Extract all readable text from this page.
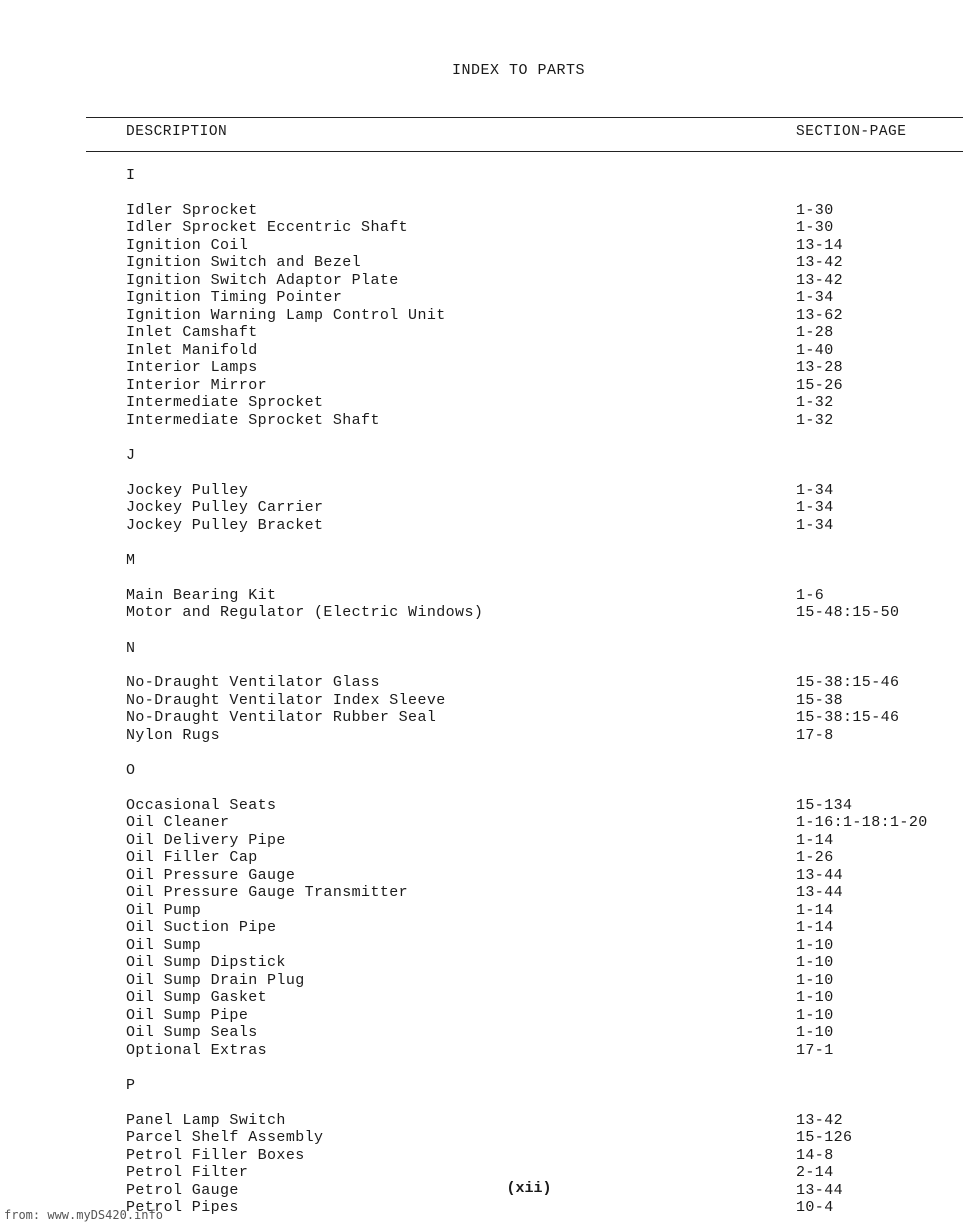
INDEX TO PARTS
DESCRIPTION	SECTION-PAGE
I
Idler Sprocket	1-30
Idler Sprocket Eccentric Shaft	1-30
Ignition Coil	13-14
Ignition Switch and Bezel	13-42
Ignition Switch Adaptor Plate	13-42
Ignition Timing Pointer	1-34
Ignition Warning Lamp Control Unit	13-62
Inlet Camshaft	1-28
Inlet Manifold	1-40
Interior Lamps	13-28
Interior Mirror	15-26
Intermediate Sprocket	1-32
Intermediate Sprocket Shaft	1-32
J
Jockey Pulley	1-34
Jockey Pulley Carrier	1-34
Jockey Pulley Bracket	1-34
M
Main Bearing Kit	1-6
Motor and Regulator (Electric Windows)	15-48:15-50
N
No-Draught Ventilator Glass	15-38:15-46
No-Draught Ventilator Index Sleeve	15-38
No-Draught Ventilator Rubber Seal	15-38:15-46
Nylon Rugs	17-8
O
Occasional Seats	15-134
Oil Cleaner	1-16:1-18:1-20
Oil Delivery Pipe	1-14
Oil Filler Cap	1-26
Oil Pressure Gauge	13-44
Oil Pressure Gauge Transmitter	13-44
Oil Pump	1-14
Oil Suction Pipe	1-14
Oil Sump	1-10
Oil Sump Dipstick	1-10
Oil Sump Drain Plug	1-10
Oil Sump Gasket	1-10
Oil Sump Pipe	1-10
Oil Sump Seals	1-10
Optional Extras	17-1
P
Panel Lamp Switch	13-42
Parcel Shelf Assembly	15-126
Petrol Filler Boxes	14-8
Petrol Filter	2-14
Petrol Gauge	13-44
Petrol Pipes	10-4
(xii)
from: www.myDS420.info
